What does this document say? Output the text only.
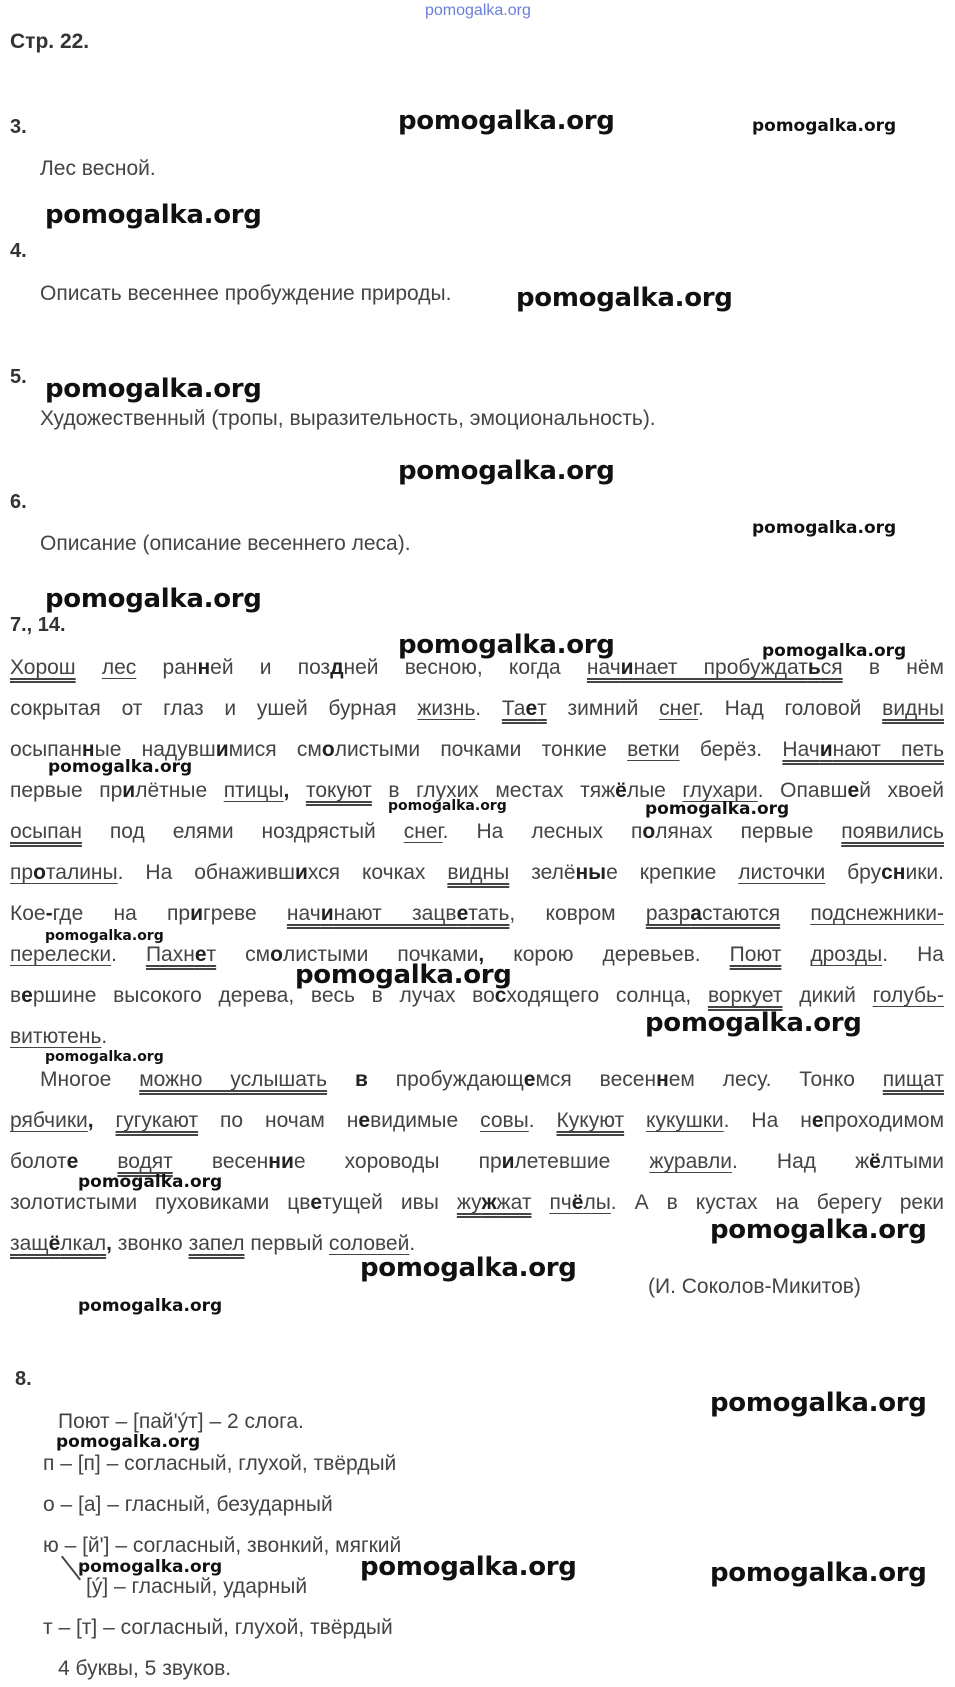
pomogalka.org
Стр. 22.
3.	pomogalka.org	pomogalka.org
Лес весной.
pomogalka.org
4.
Описать весеннее пробуждение природы. pomogalka.org
5. pomogalka.org
Художественный (тропы, выразительность, эмоциональность).
pomogalka.org
6.
pomogalka.org
Описание (описание весеннего леса).
pomogalka.org
7., 14.
pomogalka.org	pomogalka.org
Хорош лес ранней и поздней весною, когда начинает пробуждаться в нём
сокрытая от глаз и ушей бурная жизнь. Тает зимний снег. Над головой видны
осыпанные надувшимися смолистыми почками тонкие ветки берёз. Начинают петь
первые прилётные птицы, токуют в глухих местах тяжёлые глухари. Опавшей хвоей
осыпан под елями ноздрястый снег. На лесных полянах первые появились
проталины. На обнажившихся кочках видны зелёные крепкие листочки брусники.
Кое-где на пригреве начинают зацветать, ковром разрастаются подснежники-
перелески. Пахнет смолистыми почками, корою деревьев. Поют дрозды. На
вершине высокого дерева, весь в лучах восходящего солнца, воркует дикий голубь-
витютень.
Многое можно услышать в пробуждающемся весеннем лесу. Тонко пищат
рябчики, гугукают по ночам невидимые совы. Кукуют кукушки. На непроходимом
болоте водят весенние хороводы прилетевшие журавли. Над жёлтыми
золотистыми пуховиками цветущей ивы жужжат пчёлы. А в кустах на берегу реки
защёлкал, звонко запел первый соловей.
pomogalka.org
pomogalka.org	pomogalka.org
pomogalka.org
pomogalka.org
pomogalka.org
pomogalka.org
pomogalka.org
pomogalka.org
pomogalka.org
(И. Соколов-Микитов)
pomogalka.org
8.
pomogalka.org
Поют – [пай'ýт] – 2 слога.
pomogalka.org
п – [п] – согласный, глухой, твёрдый
о – [а] – гласный, безударный
ю – [й'] – согласный, звонкий, мягкий
pomogalka.org	pomogalka.org	pomogalka.org
[ý] – гласный, ударный
т – [т] – согласный, глухой, твёрдый
4 буквы, 5 звуков.
